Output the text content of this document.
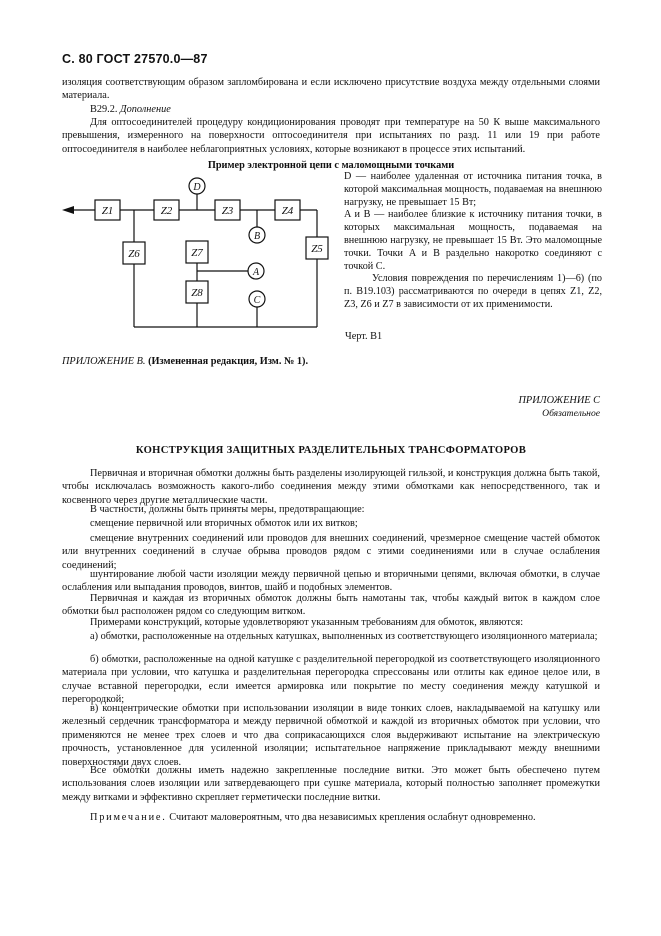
С. 80 ГОСТ 27570.0—87

изоляция соответствующим образом запломбирована и если исключено присутствие воздуха между отдельными слоями материала.

В29.2. Дополнение

Для оптосоединителей процедуру кондиционирования проводят при температуре на 50 К выше максимального превышения, измеренного на поверхности оптосоединителя при испытаниях по разд. 11 или 19 при работе оптосоединителя в наиболее неблагоприятных условиях, которые возникают в процессе этих испытаний.

Пример электронной цепи с маломощными точками
Z1	Z2	Z3	Z4
Z5
Z6	Z7
Z8
D
B
A
C

D — наиболее удаленная от источника питания точка, в которой максимальная мощность, подаваемая на внешнюю нагрузку, не превышает 15 Вт;

A и B — наиболее близкие к источнику питания точки, в которых максимальная мощность, подаваемая на внешнюю нагрузку, не превышает 15 Вт. Это маломощные точки. Точки A и B раздельно накоротко соединяют с точкой C.

Условия повреждения по перечислениям 1)—6) (по п. В19.103) рассматриваются по очереди в цепях Z1, Z2, Z3, Z6 и Z7 в зависимости от их применимости.

Черт. В1
ПРИЛОЖЕНИЕ В. (Измененная редакция, Изм. № 1).
ПРИЛОЖЕНИЕ С
Обязательное
КОНСТРУКЦИЯ ЗАЩИТНЫХ РАЗДЕЛИТЕЛЬНЫХ ТРАНСФОРМАТОРОВ

Первичная и вторичная обмотки должны быть разделены изолирующей гильзой, и конструкция должна быть такой, чтобы исключалась возможность какого-либо соединения между этими обмотками как непосредственного, так и косвенного через другие металлические части.

В частности, должны быть приняты меры, предотвращающие:

смещение первичной или вторичных обмоток или их витков;

смещение внутренних соединений или проводов для внешних соединений, чрезмерное смещение частей обмоток или внутренних соединений в случае обрыва проводов рядом с этими соединениями или в случае ослабления соединений;

шунтирование любой части изоляции между первичной цепью и вторичными цепями, включая обмотки, в случае ослабления или выпадания проводов, винтов, шайб и подобных элементов.

Первичная и каждая из вторичных обмоток должны быть намотаны так, чтобы каждый виток в каждом слое обмотки был расположен рядом со следующим витком.

Примерами конструкций, которые удовлетворяют указанным требованиям для обмоток, являются:

а) обмотки, расположенные на отдельных катушках, выполненных из соответствующего изоляционного материала;

б) обмотки, расположенные на одной катушке с разделительной перегородкой из соответствующего изоляционного материала при условии, что катушка и разделительная перегородка спрессованы или отлиты как единое целое или, в случае вставной перегородки, если имеется армировка или покрытие по месту соединения между катушкой и перегородкой;

в) концентрические обмотки при использовании изоляции в виде тонких слоев, накладываемой на катушку или железный сердечник трансформатора и между первичной обмоткой и каждой из вторичных обмоток при условии, что применяются не менее трех слоев и что два соприкасающихся слоя выдерживают испытание на электрическую прочность, установленное для усиленной изоляции; испытательное напряжение прикладывают между внешними поверхностями двух слоев.

Все обмотки должны иметь надежно закрепленные последние витки. Это может быть обеспечено путем использования слоев изоляции или затвердевающего при сушке материала, который полностью заполняет промежутки между витками и эффективно скрепляет герметически последние витки.

Примечание. Считают маловероятным, что два независимых крепления ослабнут одновременно.
